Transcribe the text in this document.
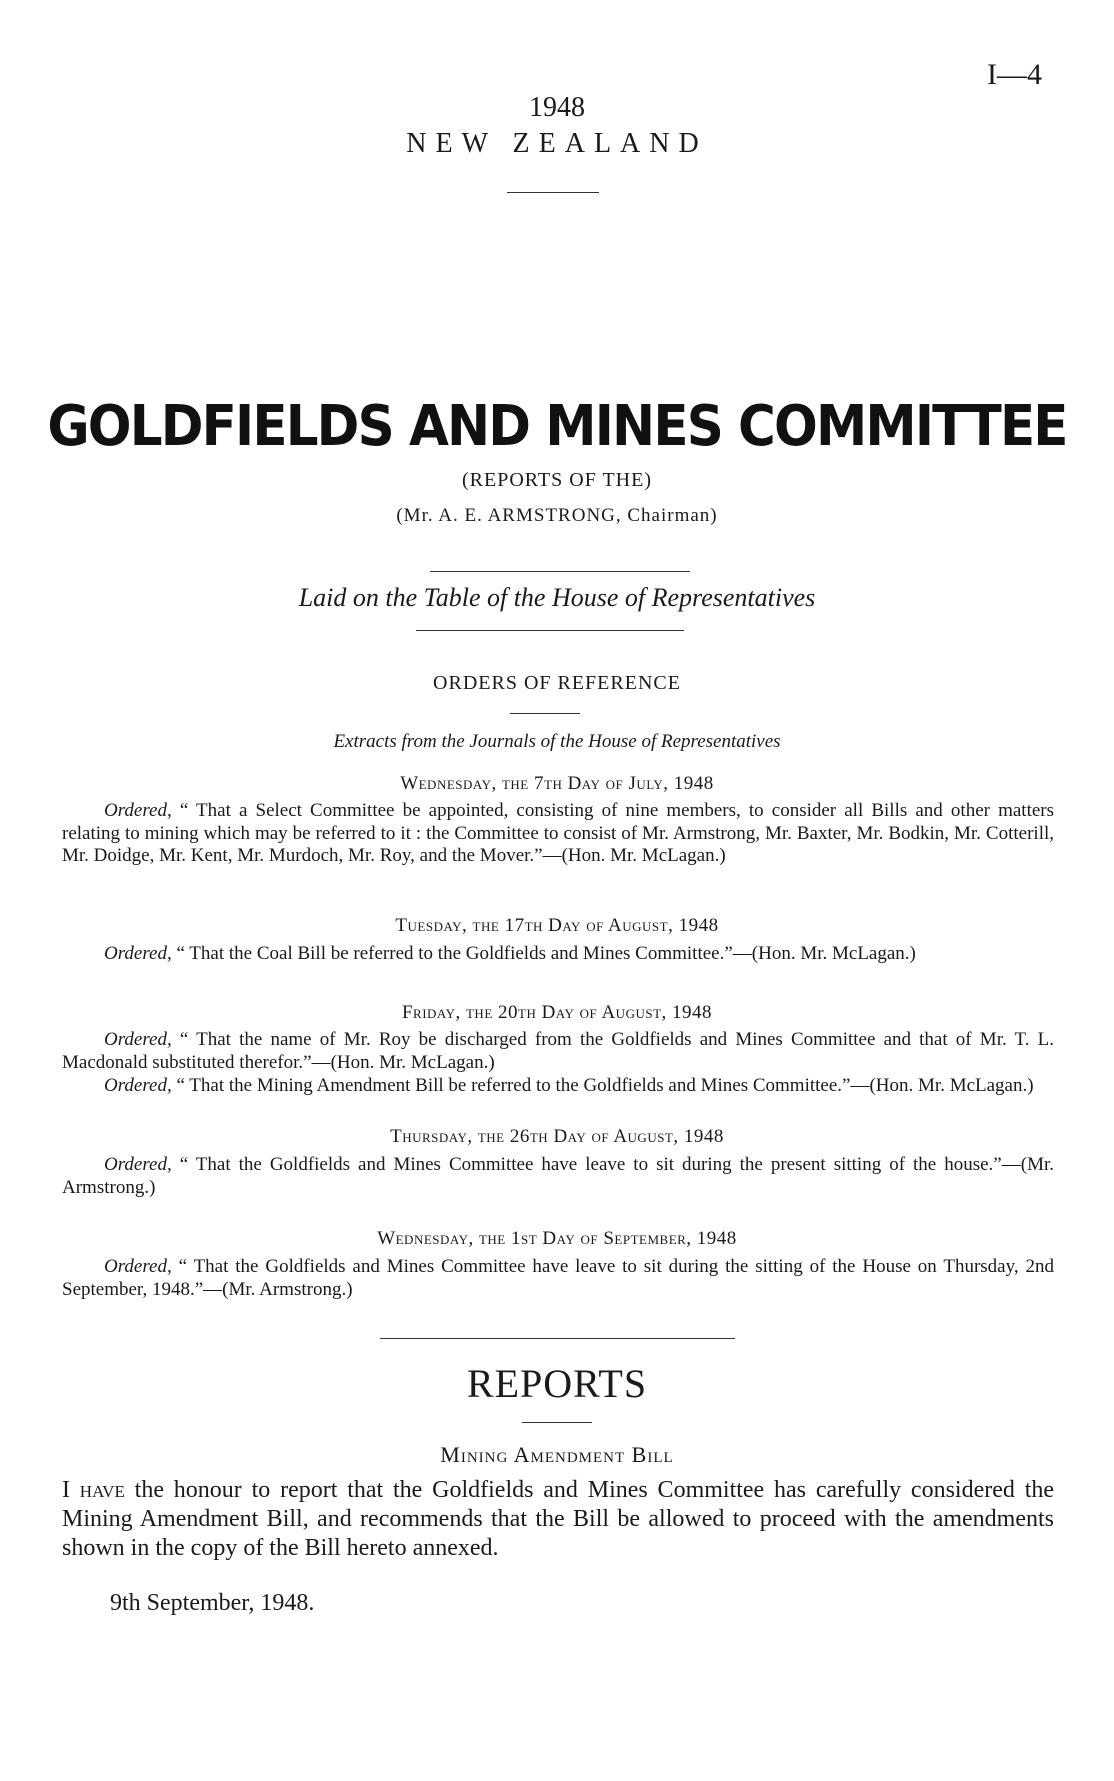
I—4
1948
NEW ZEALAND
GOLDFIELDS AND MINES COMMITTEE
(REPORTS OF THE)
(Mr. A. E. ARMSTRONG, Chairman)
Laid on the Table of the House of Representatives
ORDERS OF REFERENCE
Extracts from the Journals of the House of Representatives
Wednesday, the 7th Day of July, 1948

Ordered, “ That a Select Committee be appointed, consisting of nine members, to consider all Bills and other matters relating to mining which may be referred to it : the Committee to consist of Mr. Armstrong, Mr. Baxter, Mr. Bodkin, Mr. Cotterill, Mr. Doidge, Mr. Kent, Mr. Murdoch, Mr. Roy, and the Mover.”—(Hon. Mr. McLagan.)

Tuesday, the 17th Day of August, 1948

Ordered, “ That the Coal Bill be referred to the Goldfields and Mines Committee.”—(Hon. Mr. McLagan.)

Friday, the 20th Day of August, 1948

Ordered, “ That the name of Mr. Roy be discharged from the Goldfields and Mines Committee and that of Mr. T. L. Macdonald substituted therefor.”—(Hon. Mr. McLagan.)

Ordered, “ That the Mining Amendment Bill be referred to the Goldfields and Mines Committee.”—(Hon. Mr. McLagan.)

Thursday, the 26th Day of August, 1948

Ordered, “ That the Goldfields and Mines Committee have leave to sit during the present sitting of the house.”—(Mr. Armstrong.)

Wednesday, the 1st Day of September, 1948

Ordered, “ That the Goldfields and Mines Committee have leave to sit during the sitting of the House on Thursday, 2nd September, 1948.”—(Mr. Armstrong.)

REPORTS
Mining Amendment Bill

I have the honour to report that the Goldfields and Mines Committee has carefully considered the Mining Amendment Bill, and recommends that the Bill be allowed to proceed with the amendments shown in the copy of the Bill hereto annexed.

9th September, 1948.
